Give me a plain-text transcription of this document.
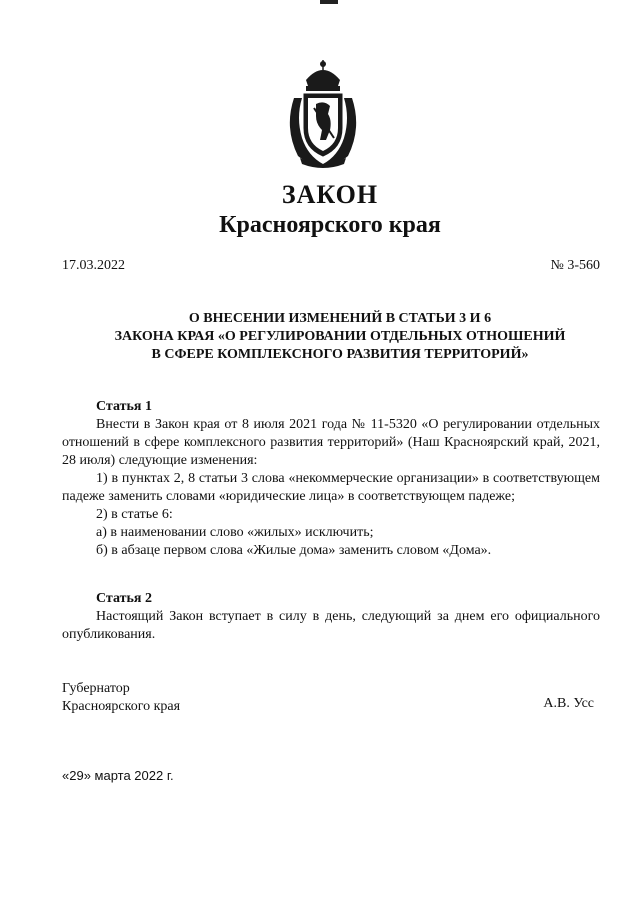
ЗАКОН
Красноярского края
17.03.2022	№ 3-560
О ВНЕСЕНИИ ИЗМЕНЕНИЙ В СТАТЬИ 3 И 6
ЗАКОНА КРАЯ «О РЕГУЛИРОВАНИИ ОТДЕЛЬНЫХ ОТНОШЕНИЙ
В СФЕРЕ КОМПЛЕКСНОГО РАЗВИТИЯ ТЕРРИТОРИЙ»
Статья 1
Внести в Закон края от 8 июля 2021 года № 11-5320 «О регулировании отдельных отношений в сфере комплексного развития территорий» (Наш Красноярский край, 2021, 28 июля) следующие изменения:
1) в пунктах 2, 8 статьи 3 слова «некоммерческие организации» в соответствующем падеже заменить словами «юридические лица» в соответствующем падеже;
2) в статье 6:
а) в наименовании слово «жилых» исключить;
б) в абзаце первом слова «Жилые дома» заменить словом «Дома».
Статья 2
Настоящий Закон вступает в силу в день, следующий за днем его официального опубликования.
Губернатор
Красноярского края	А.В. Усс
«29» марта 2022 г.
